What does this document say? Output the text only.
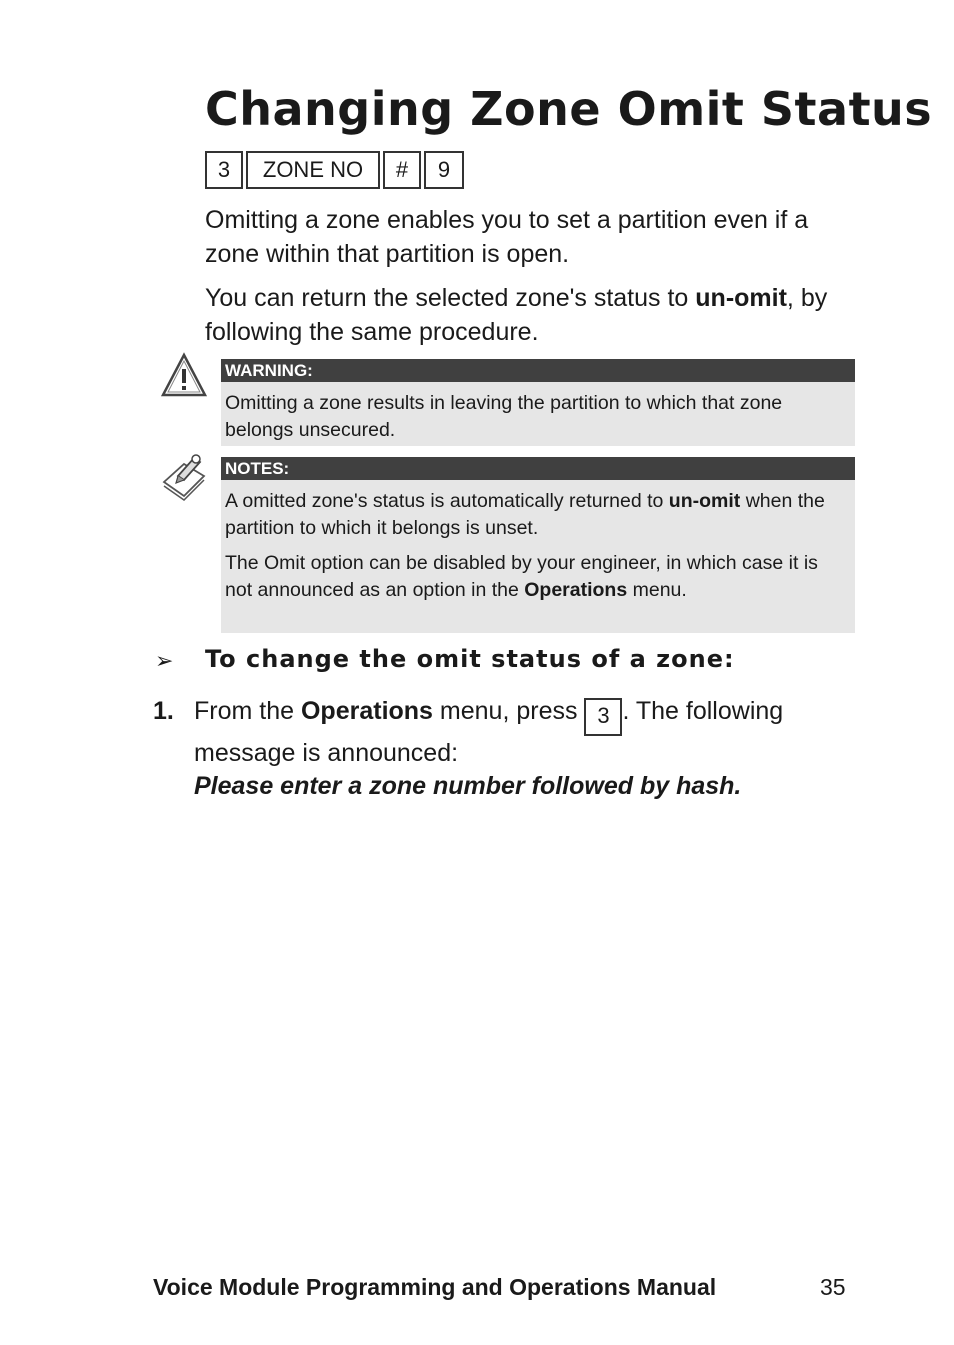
Changing Zone Omit Status
3	ZONE NO	#	9
Omitting a zone enables you to set a partition even if a zone within that partition is open.
You can return the selected zone's status to un-omit, by following the same procedure.
WARNING:

Omitting a zone results in leaving the partition to which that zone belongs unsecured.

NOTES:

A omitted zone's status is automatically returned to un-omit when the partition to which it belongs is unset.

The Omit option can be disabled by your engineer, in which case it is not announced as an option in the Operations menu.

➢ To change the omit status of a zone:
1. From the Operations menu, press 3 . The following message is announced:
Please enter a zone number followed by hash.
Voice Module Programming and Operations Manual	35
